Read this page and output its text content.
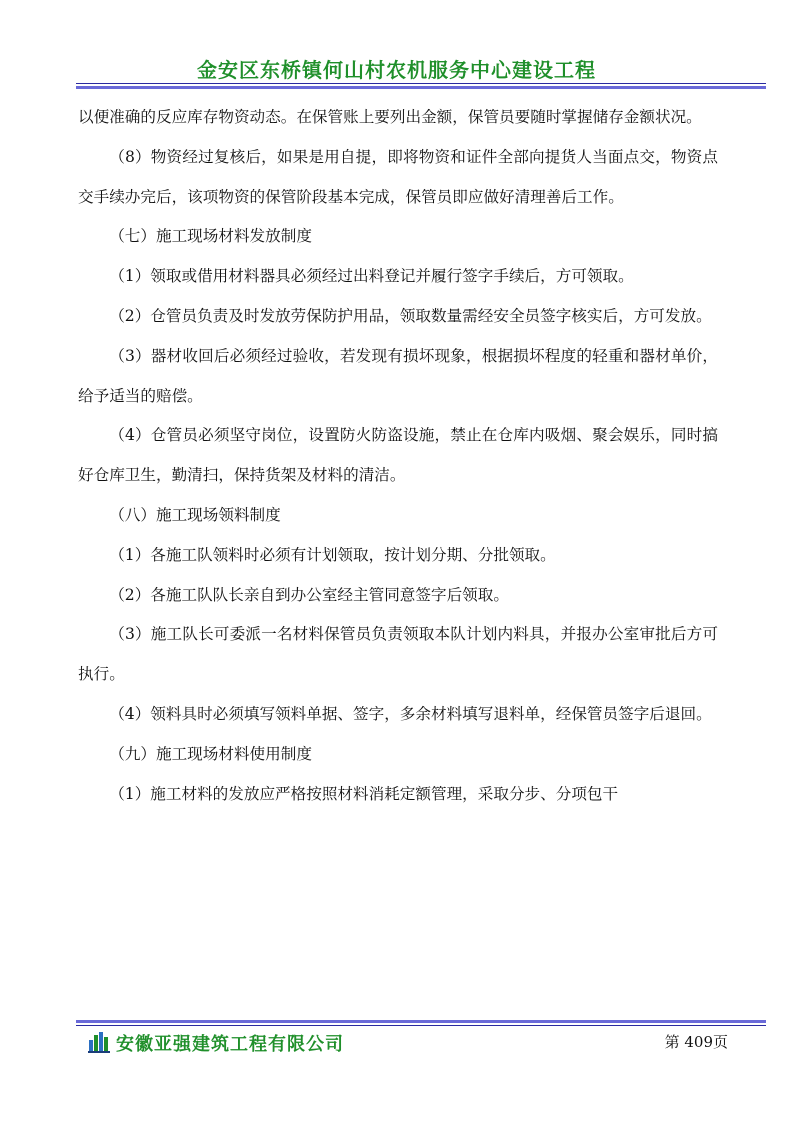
金安区东桥镇何山村农机服务中心建设工程

以便准确的反应库存物资动态。在保管账上要列出金额，保管员要随时掌握储存金额状况。

（8）物资经过复核后，如果是用自提，即将物资和证件全部向提货人当面点交，物资点交手续办完后，该项物资的保管阶段基本完成，保管员即应做好清理善后工作。

（七）施工现场材料发放制度

（1）领取或借用材料器具必须经过出料登记并履行签字手续后，方可领取。

（2）仓管员负责及时发放劳保防护用品，领取数量需经安全员签字核实后，方可发放。

（3）器材收回后必须经过验收，若发现有损坏现象，根据损坏程度的轻重和器材单价，给予适当的赔偿。

（4）仓管员必须坚守岗位，设置防火防盗设施，禁止在仓库内吸烟、聚会娱乐，同时搞好仓库卫生，勤清扫，保持货架及材料的清洁。

（八）施工现场领料制度

（1）各施工队领料时必须有计划领取，按计划分期、分批领取。

（2）各施工队队长亲自到办公室经主管同意签字后领取。

（3）施工队长可委派一名材料保管员负责领取本队计划内料具，并报办公室审批后方可执行。

（4）领料具时必须填写领料单据、签字，多余材料填写退料单，经保管员签字后退回。

（九）施工现场材料使用制度

（1）施工材料的发放应严格按照材料消耗定额管理，采取分步、分项包干

安徽亚强建筑工程有限公司	第 409页
